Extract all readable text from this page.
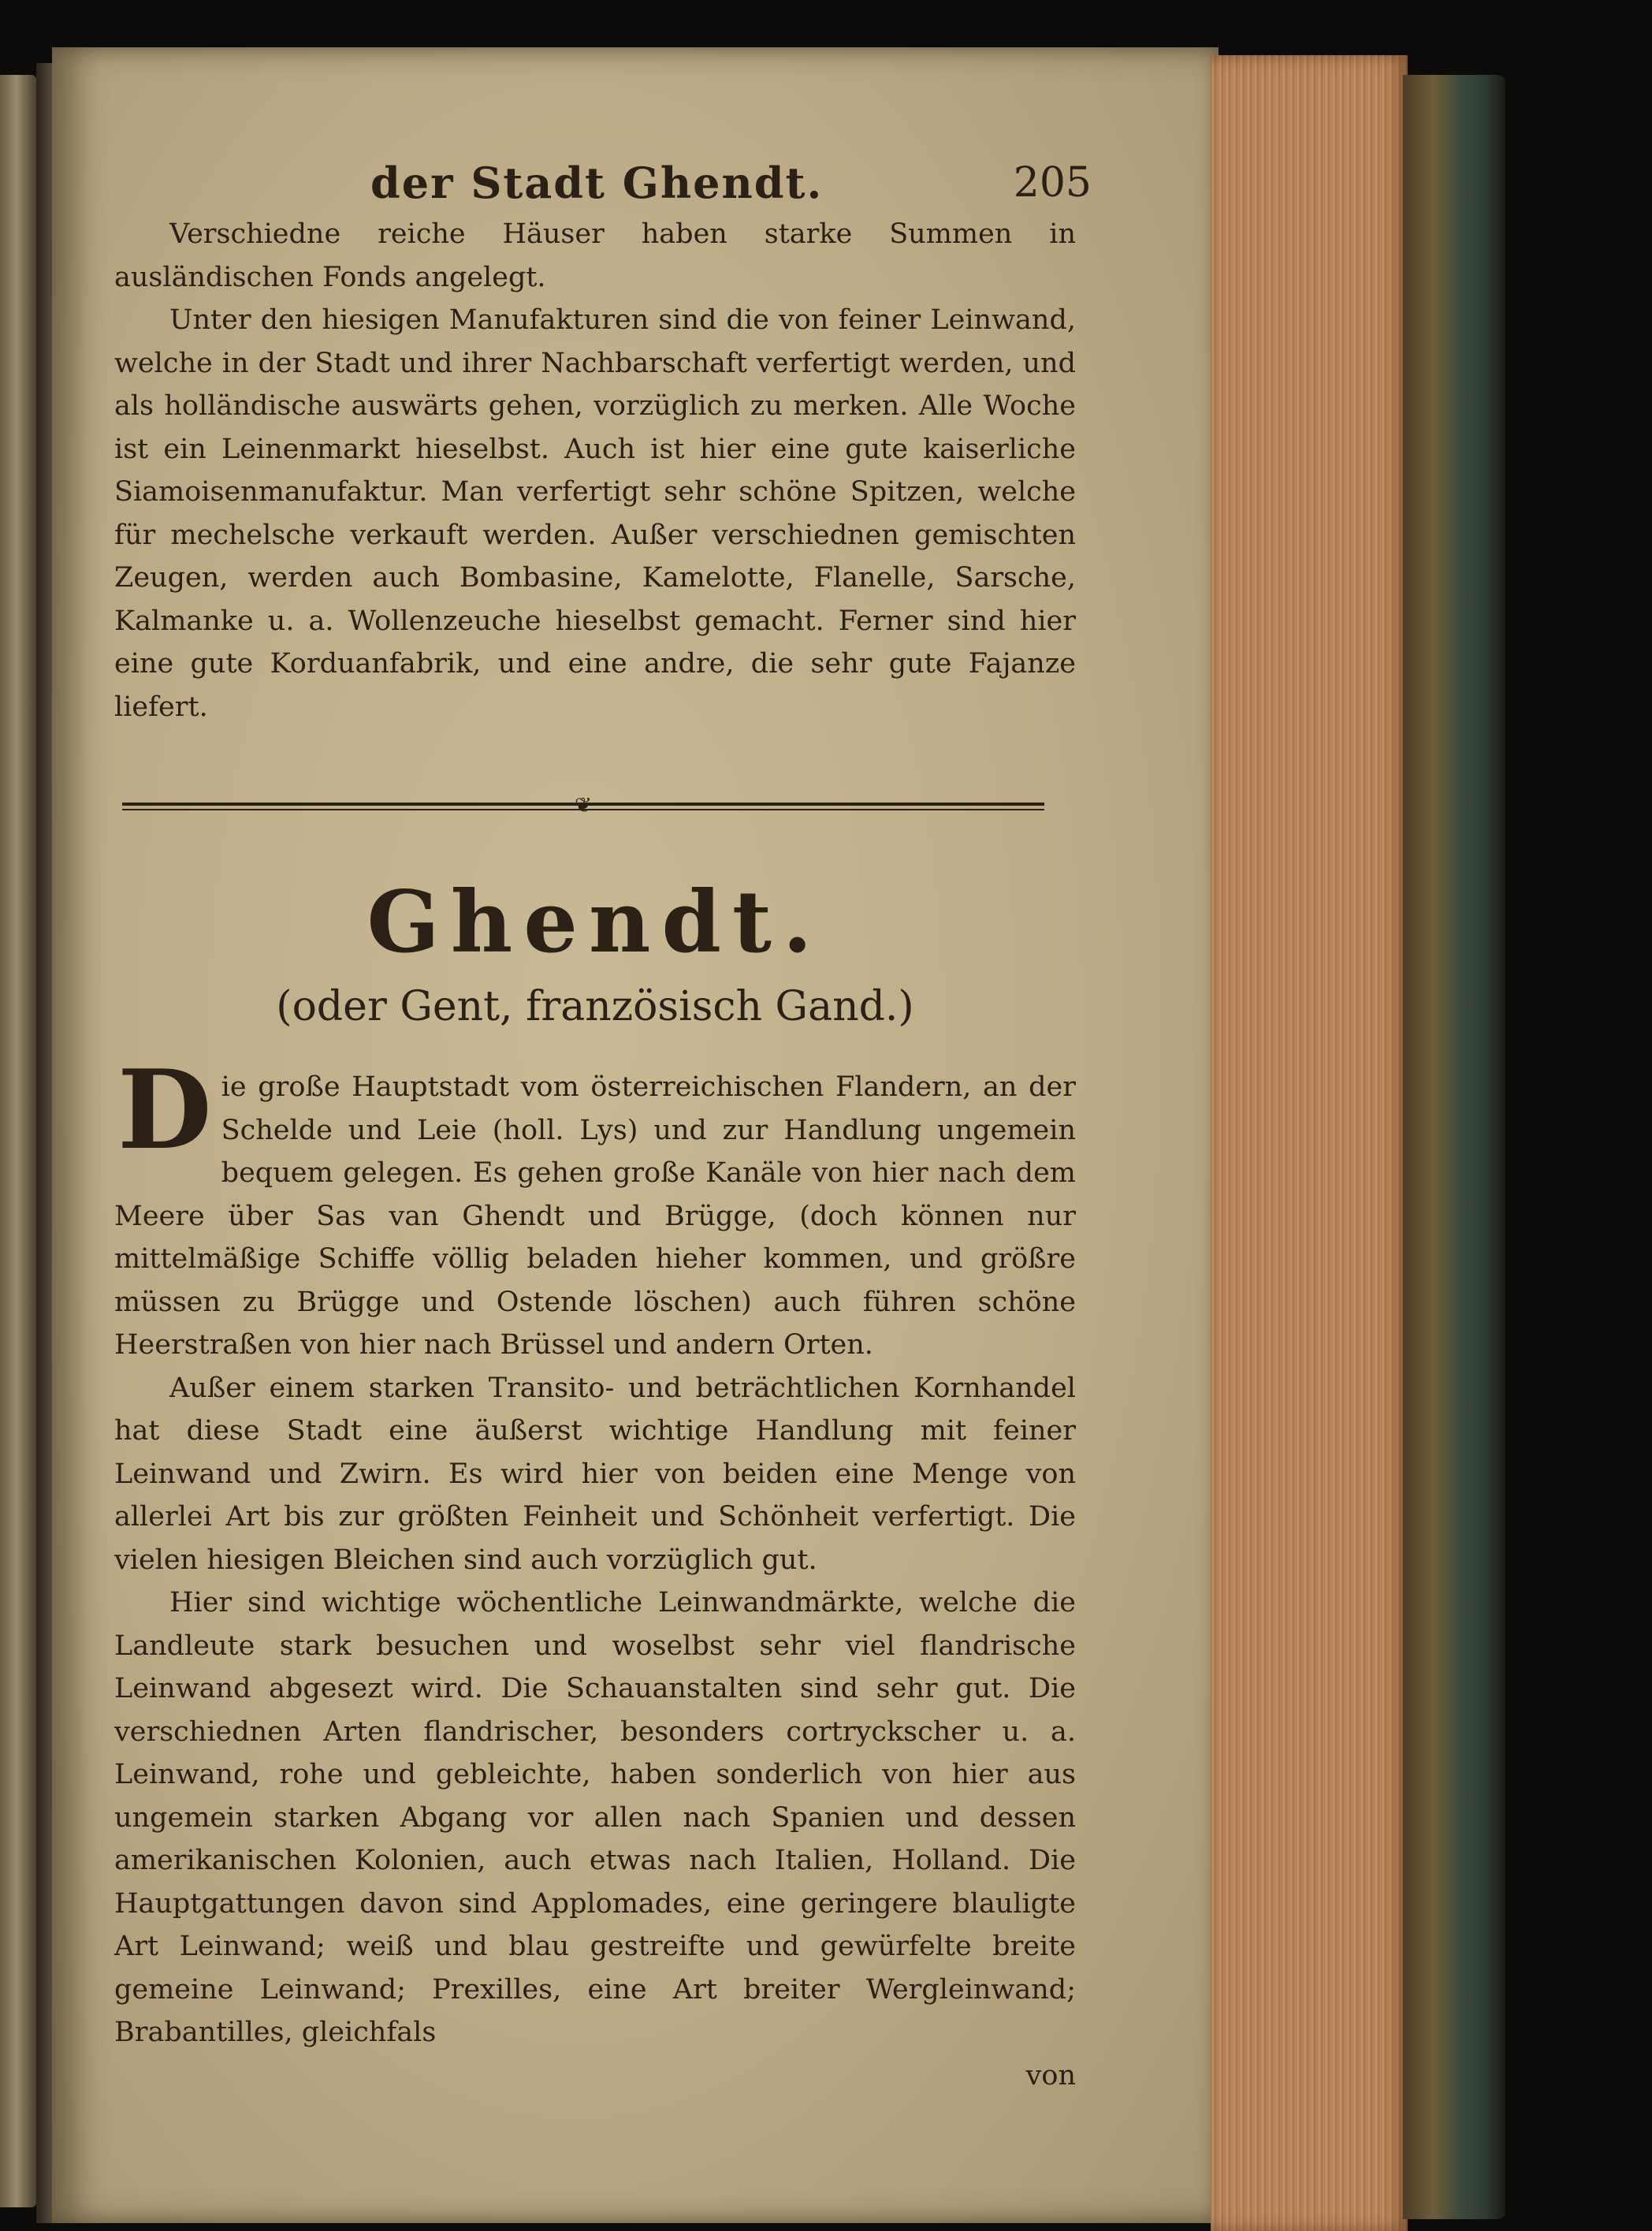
der Stadt Ghendt.	205

Verschiedne reiche Häuser haben starke Summen in ausländischen Fonds angelegt.

Unter den hiesigen Manufakturen sind die von feiner Leinwand, welche in der Stadt und ihrer Nachbarschaft verfertigt werden, und als holländische auswärts gehen, vorzüglich zu merken. Alle Woche ist ein Leinenmarkt hieselbst. Auch ist hier eine gute kaiserliche Siamoisenmanufaktur. Man verfertigt sehr schöne Spitzen, welche für mechelsche verkauft werden. Außer verschiednen gemischten Zeugen, werden auch Bombasine, Kamelotte, Flanelle, Sarsche, Kalmanke u. a. Wollenzeuche hieselbst gemacht. Ferner sind hier eine gute Korduanfabrik, und eine andre, die sehr gute Fajanze liefert.

❦
Ghendt.
(oder Gent, französisch Gand.)
D ie große Hauptstadt vom österreichischen Flandern, an der Schelde und Leie (holl. Lys) und zur Handlung ungemein bequem gelegen. Es gehen große Kanäle von hier nach dem Meere über Sas van Ghendt und Brügge, (doch können nur mittelmäßige Schiffe völlig beladen hieher kommen, und größre müssen zu Brügge und Ostende löschen) auch führen schöne Heerstraßen von hier nach Brüssel und andern Orten.

Außer einem starken Transito- und beträchtlichen Kornhandel hat diese Stadt eine äußerst wichtige Handlung mit feiner Leinwand und Zwirn. Es wird hier von beiden eine Menge von allerlei Art bis zur größten Feinheit und Schönheit verfertigt. Die vielen hiesigen Bleichen sind auch vorzüglich gut.

Hier sind wichtige wöchentliche Leinwandmärkte, welche die Landleute stark besuchen und woselbst sehr viel flandrische Leinwand abgesezt wird. Die Schauanstalten sind sehr gut. Die verschiednen Arten flandrischer, besonders cortryckscher u. a. Leinwand, rohe und gebleichte, haben sonderlich von hier aus ungemein starken Abgang vor allen nach Spanien und dessen amerikanischen Kolonien, auch etwas nach Italien, Holland. Die Hauptgattungen davon sind Applomades, eine geringere blauligte Art Leinwand; weiß und blau gestreifte und gewürfelte breite gemeine Leinwand; Prexilles, eine Art breiter Wergleinwand; Brabantilles, gleichfals

von
